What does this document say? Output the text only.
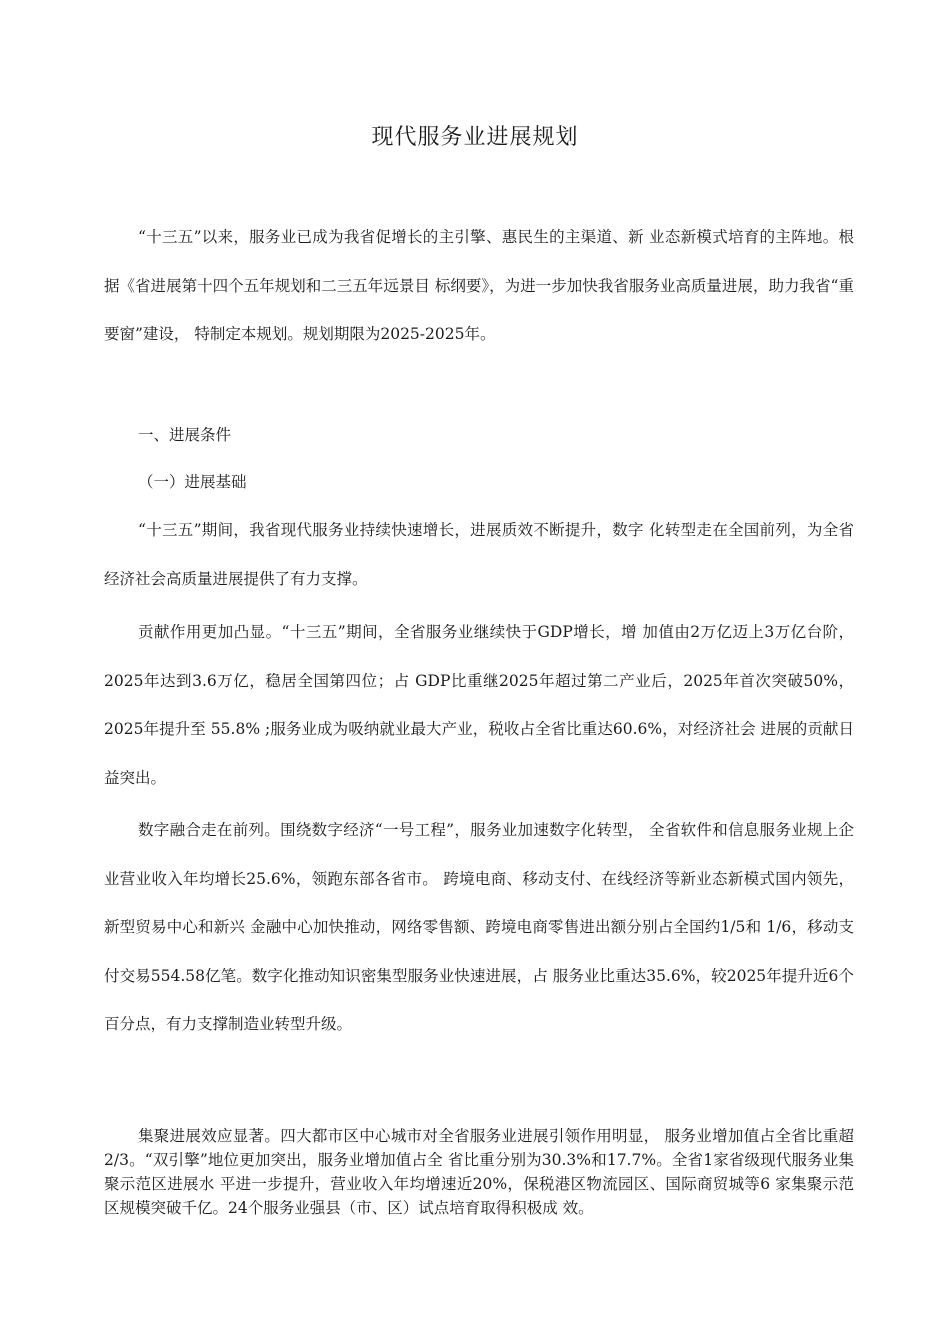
现代服务业进展规划
“十三五”以来，服务业已成为我省促增长的主引擎、惠民生的主渠道、新 业态新模式培育的主阵地。根据《省进展第十四个五年规划和二三五年远景目 标纲要》，为进一步加快我省服务业高质量进展，助力我省“重要窗”建设， 特制定本规划。规划期限为2025-2025年。
一、进展条件
（一）进展基础
“十三五”期间，我省现代服务业持续快速增长，进展质效不断提升，数字 化转型走在全国前列，为全省经济社会高质量进展提供了有力支撑。
贡献作用更加凸显。“十三五”期间，全省服务业继续快于GDP增长，增 加值由2万亿迈上3万亿台阶，2025年达到3.6万亿，稳居全国第四位；占 GDP比重继2025年超过第二产业后，2025年首次突破50%，2025年提升至 55.8% ;服务业成为吸纳就业最大产业，税收占全省比重达60.6%，对经济社会 进展的贡献日益突出。
数字融合走在前列。围绕数字经济“一号工程”，服务业加速数字化转型， 全省软件和信息服务业规上企业营业收入年均增长25.6%，领跑东部各省市。 跨境电商、移动支付、在线经济等新业态新模式国内领先，新型贸易中心和新兴 金融中心加快推动，网络零售额、跨境电商零售进出额分别占全国约1/5和 1/6，移动支付交易554.58亿笔。数字化推动知识密集型服务业快速进展，占 服务业比重达35.6%，较2025年提升近6个百分点，有力支撑制造业转型升级。
集聚进展效应显著。四大都市区中心城市对全省服务业进展引领作用明显， 服务业增加值占全省比重超2/3。“双引擎”地位更加突出，服务业增加值占全 省比重分别为30.3%和17.7%。全省1家省级现代服务业集聚示范区进展水 平进一步提升，营业收入年均增速近20%，保税港区物流园区、国际商贸城等6 家集聚示范区规模突破千亿。24个服务业强县（市、区）试点培育取得积极成 效。
